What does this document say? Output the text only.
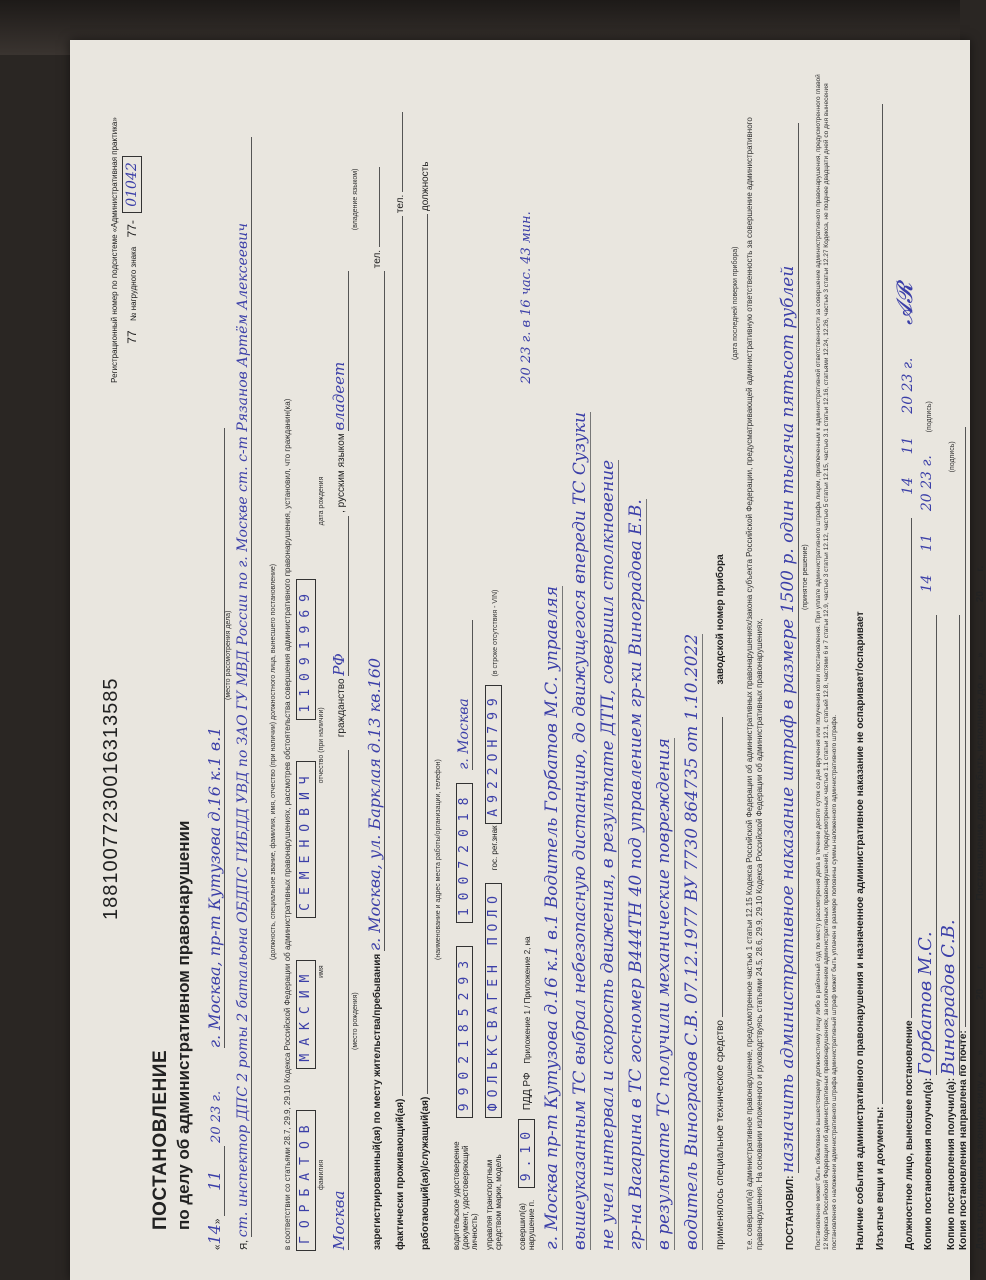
18810077230016313585
Регистрационный номер по подсистеме «Административная практика» 77 № нагрудного знака 77- 01042
ПОСТАНОВЛЕНИЕ по делу об административном правонарушении
«14» 11 20 23 г. г. Москва, пр-т Кутузова д.16 к.1 в.1
(место рассмотрения дела)
Я, ст. инспектор ДПС 2 роты 2 батальона ОБДПС ГИБДД УВД по ЗАО ГУ МВД России по г. Москве ст. с-т Рязанов Артём Алексеевич	(должность, специальное звание, фамилия, имя, отчество (при наличии) должностного лица, вынесшего постановление) в соответствии со статьями 28.7, 29.9, 29.10 Кодекса Российской Федерации об административных правонарушениях, рассмотрев обстоятельства совершения административного правонарушения, установил, что гражданин(ка) ГОРБАТОВ

МАКСИМ

СЕМЕНОВИЧ

11091969
фамилия имя отчество (при наличии) дата рождения
Москва гражданство РФ , русским языком владеет
(место рождения) (владение языком)
зарегистрированный(ая) по месту жительства/пребывания г. Москва, ул. Барклая д.13 кв.160 тел.
фактически проживающий(ая)  тел.
работающий(ая)/служащий(ая)  должность
(наименование и адрес места работы/организации, телефон)
водительское удостоверение (документ, удостоверяющий личность) 9902185293 10072018 г. Москва
управляя транспортным средством марки, модель ФОЛЬКСВАГЕН ПОЛО гос. рег.знак А922ОН799 (в строке отсутствия - VIN)
совершил(а) нарушение п. 9.10 ПДД РФ Приложение 1 / Приложение 2, на 20 23 г. в 16 час. 43 мин.
г. Москва пр-т Кутузова д.16 к.1 в.1 Водитель Горбатов М.С. управляя вышеуказанным ТС выбрал небезопасную дистанцию, до движущегося впереди ТС Сузуки не учел интервал и скорость движения, в результате ДТП, совершил столкновение гр-на Вагарина в ТС госномер В444ТН 40 под управлением гр-ки Виноградова Е.В. в результате ТС получили механические повреждения водитель Виноградов С.В. 07.12.1977 ВУ 7730 864735 от 1.10.2022 применялось специальное техническое средство  заводской номер прибора
(дата последней поверки прибора) т.е. совершил(а) административное правонарушение, предусмотренное частью 1 статьи 12.15 Кодекса Российской Федерации об административных правонарушениях/закона субъекта Российской Федерации, предусматривающей административную ответственность за совершение административного правонарушения. На основании изложенного и руководствуясь статьями 24.5, 28.6, 29.9, 29.10 Кодекса Российской Федерации об административных правонарушениях,	ПОСТАНОВИЛ: назначить административное наказание штраф в размере 1500 р. один тысяча пятьсот рублей (принятое решение) Постановление может быть обжаловано вышестоящему должностному лицу либо в районный суд по месту рассмотрения дела в течение десяти суток со дня вручения или получения копии постановления. При уплате административного штрафа лицом, привлеченным к административной ответственности за совершение административного правонарушения, предусмотренного главой 12 Кодекса Российской Федерации об административных правонарушениях, за исключением административных правонарушений, предусмотренных частью 1.1 статьи 12.1, статьей 12.8, частями 6 и 7 статьи 12.9, частью 3 статьи 12.12, частью 5 статьи 12.15, частью 3.1 статьи 12.16, статьями 12.24, 12.26, частью 3 статьи 12.27 Кодекса, не позднее двадцати дней со дня вынесения постановления о наложении административного штрафа административный штраф может быть уплачен в размере половины суммы наложенного административного штрафа. Наличие события административного правонарушения и назначенное административное наказание не оспаривает/оспаривает Изъятые вещи и документы:	Должностное лицо, вынесшее постановление  14 11 20 23 г. 𝓐𝓡
Копию постановления получил(а): Горбатов М.С. 14 11 20 23 г. (подпись)
Копию постановления получил(а): Виноградов С.В. (подпись)
Копия постановления направлена по почте: Дата вступления в законную силу «___» ________ 20___ г. Постановление должно быть исполнено до «___» ________ 20___ г.
